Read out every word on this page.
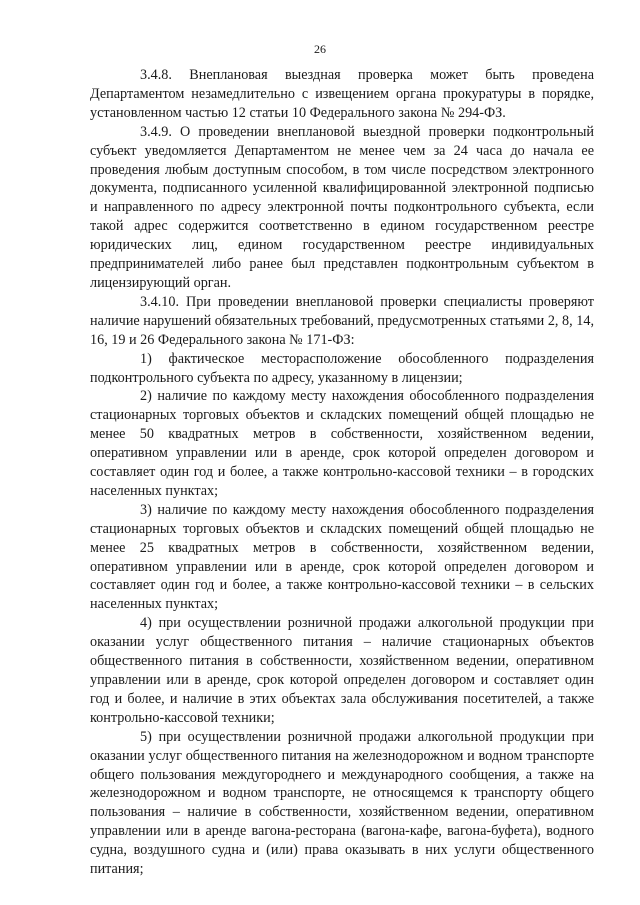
26

3.4.8. Внеплановая выездная проверка может быть проведена Департаментом незамедлительно с извещением органа прокуратуры в порядке, установленном частью 12 статьи 10 Федерального закона № 294-ФЗ.

3.4.9. О проведении внеплановой выездной проверки подконтрольный субъект уведомляется Департаментом не менее чем за 24 часа до начала ее проведения любым доступным способом, в том числе посредством электронного документа, подписанного усиленной квалифицированной электронной подписью и направленного по адресу электронной почты подконтрольного субъекта, если такой адрес содержится соответственно в едином государственном реестре юридических лиц, едином государственном реестре индивидуальных предпринимателей либо ранее был представлен подконтрольным субъектом в лицензирующий орган.

3.4.10. При проведении внеплановой проверки специалисты проверяют наличие нарушений обязательных требований, предусмотренных статьями 2, 8, 14, 16, 19 и 26 Федерального закона № 171-ФЗ:

1) фактическое месторасположение обособленного подразделения подконтрольного субъекта по адресу, указанному в лицензии;

2) наличие по каждому месту нахождения обособленного подразделения стационарных торговых объектов и складских помещений общей площадью не менее 50 квадратных метров в собственности, хозяйственном ведении, оперативном управлении или в аренде, срок которой определен договором и составляет один год и более, а также контрольно-кассовой техники – в городских населенных пунктах;

3) наличие по каждому месту нахождения обособленного подразделения стационарных торговых объектов и складских помещений общей площадью не менее 25 квадратных метров в собственности, хозяйственном ведении, оперативном управлении или в аренде, срок которой определен договором и составляет один год и более, а также контрольно-кассовой техники – в сельских населенных пунктах;

4) при осуществлении розничной продажи алкогольной продукции при оказании услуг общественного питания – наличие стационарных объектов общественного питания в собственности, хозяйственном ведении, оперативном управлении или в аренде, срок которой определен договором и составляет один год и более, и наличие в этих объектах зала обслуживания посетителей, а также контрольно-кассовой техники;

5) при осуществлении розничной продажи алкогольной продукции при оказании услуг общественного питания на железнодорожном и водном транспорте общего пользования междугороднего и международного сообщения, а также на железнодорожном и водном транспорте, не относящемся к транспорту общего пользования – наличие в собственности, хозяйственном ведении, оперативном управлении или в аренде вагона-ресторана (вагона-кафе, вагона-буфета), водного судна, воздушного судна и (или) права оказывать в них услуги общественного питания;
